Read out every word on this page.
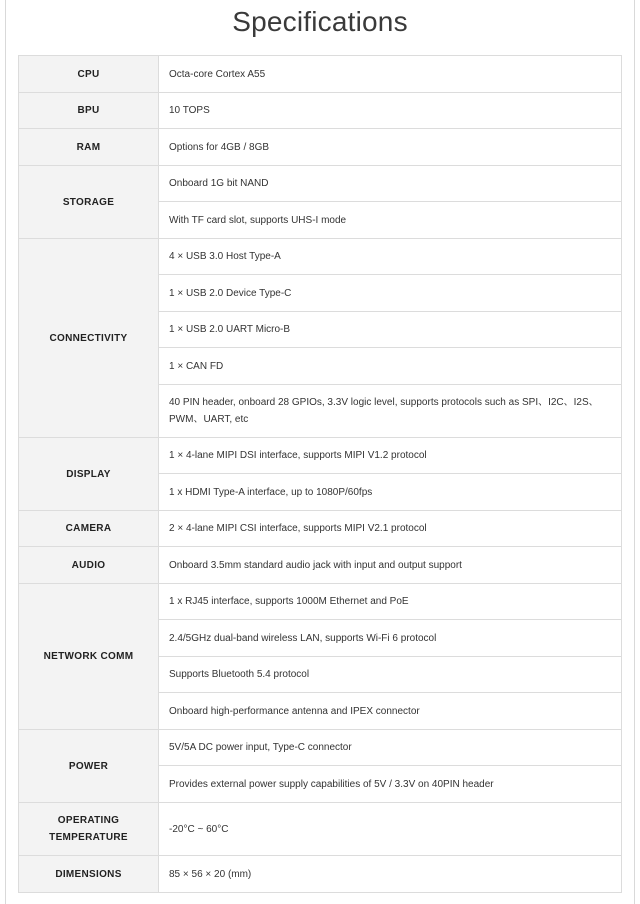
Specifications
CPU	Octa-core Cortex A55
BPU	10 TOPS
RAM	Options for 4GB / 8GB
STORAGE	Onboard 1G bit NAND
	With TF card slot, supports UHS-I mode
CONNECTIVITY	4 × USB 3.0 Host Type-A
	1 × USB 2.0 Device Type-C
	1 × USB 2.0 UART Micro-B
	1 × CAN FD
	40 PIN header, onboard 28 GPIOs, 3.3V logic level, supports protocols such as SPI、I2C、I2S、PWM、UART, etc
DISPLAY	1 × 4-lane MIPI DSI interface, supports MIPI V1.2 protocol
	1 x HDMI Type-A interface, up to 1080P/60fps
CAMERA	2 × 4-lane MIPI CSI interface, supports MIPI V2.1 protocol
AUDIO	Onboard 3.5mm standard audio jack with input and output support
NETWORK COMM	1 x RJ45 interface, supports 1000M Ethernet and PoE
	2.4/5GHz dual-band wireless LAN, supports Wi-Fi 6 protocol
	Supports Bluetooth 5.4 protocol
	Onboard high-performance antenna and IPEX connector
POWER	5V/5A DC power input, Type-C connector
	Provides external power supply capabilities of 5V / 3.3V on 40PIN header
OPERATING TEMPERATURE	-20°C ~ 60°C
DIMENSIONS	85 × 56 × 20 (mm)
